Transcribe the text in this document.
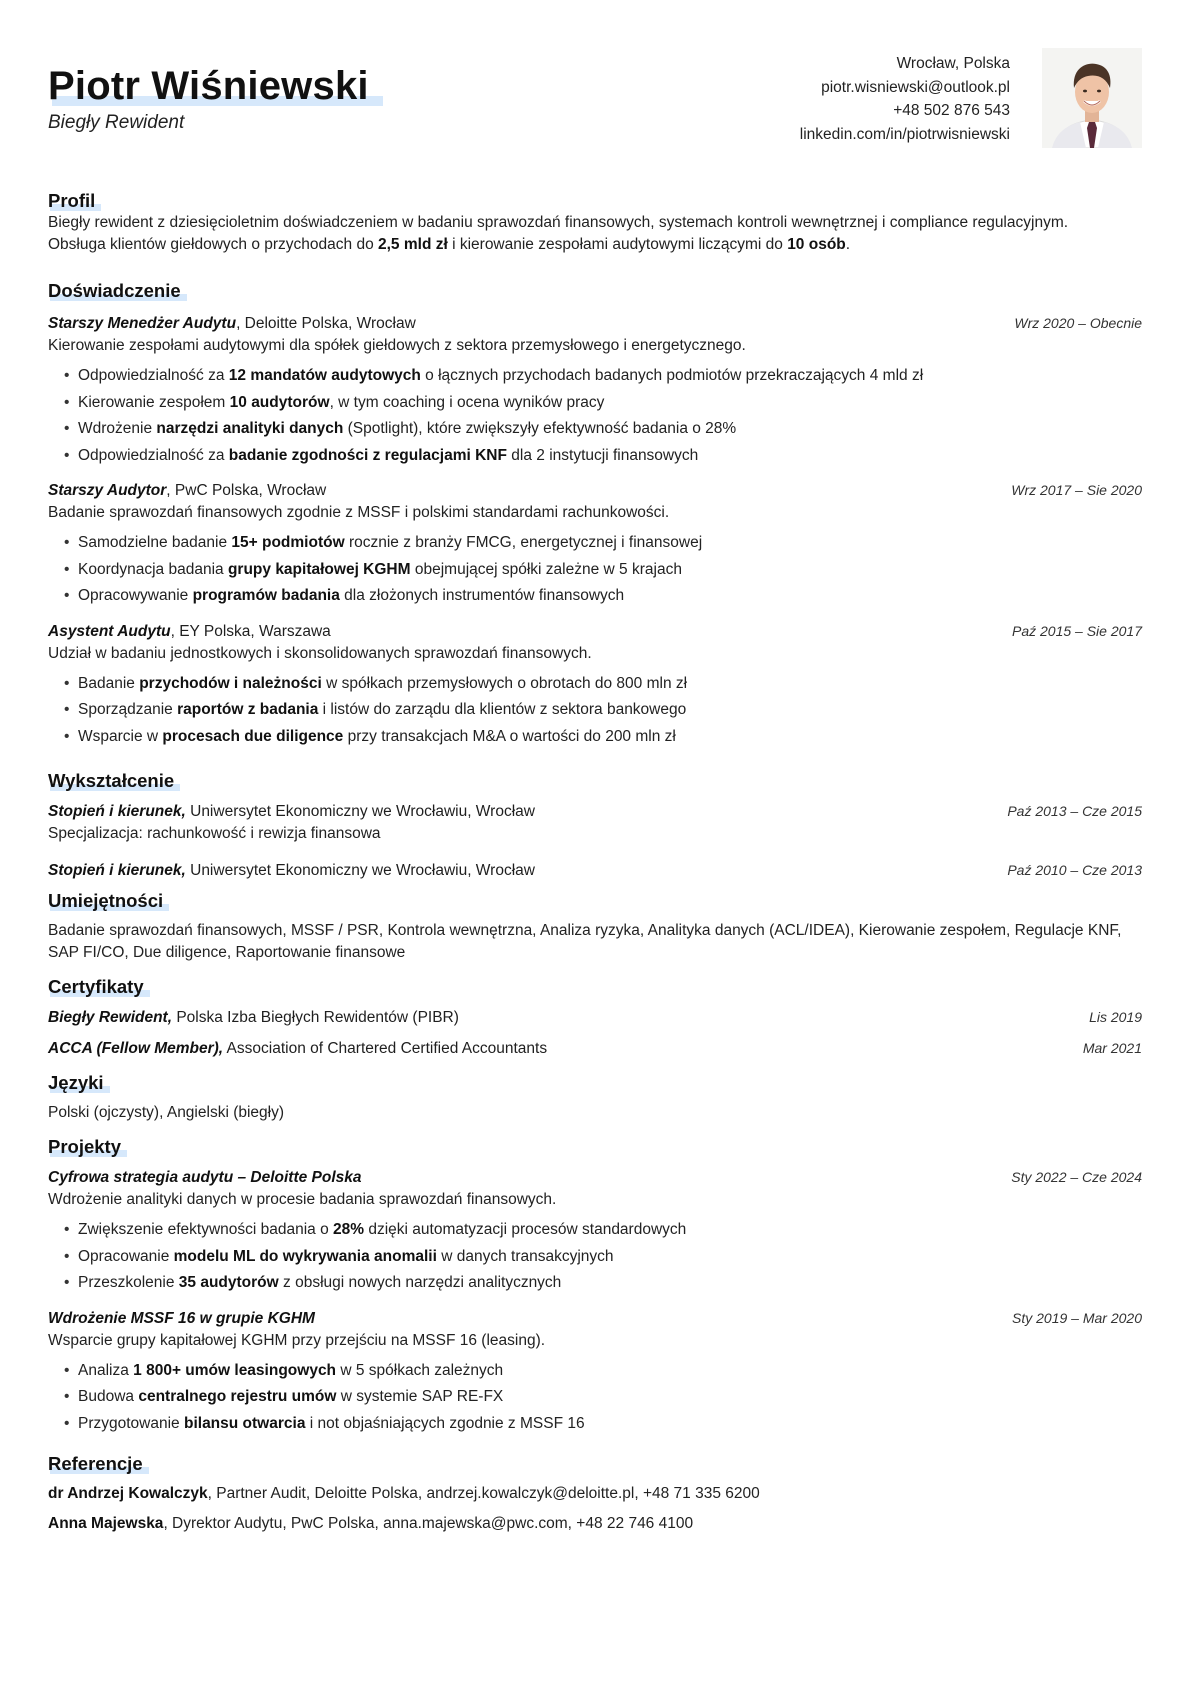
Piotr Wiśniewski
Biegły Rewident
Wrocław, Polska
piotr.wisniewski@outlook.pl
+48 502 876 543
linkedin.com/in/piotrwisniewski
Profil

Biegły rewident z dziesięcioletnim doświadczeniem w badaniu sprawozdań finansowych, systemach kontroli wewnętrznej i compliance regulacyjnym.

Obsługa klientów giełdowych o przychodach do 2,5 mld zł i kierowanie zespołami audytowymi liczącymi do 10 osób.

Doświadczenie
Starszy Menedżer Audytu, Deloitte Polska, Wrocław	Wrz 2020 – Obecnie

Kierowanie zespołami audytowymi dla spółek giełdowych z sektora przemysłowego i energetycznego.

• Odpowiedzialność za 12 mandatów audytowych o łącznych przychodach badanych podmiotów przekraczających 4 mld zł
• Kierowanie zespołem 10 audytorów, w tym coaching i ocena wyników pracy
• Wdrożenie narzędzi analityki danych (Spotlight), które zwiększyły efektywność badania o 28%
• Odpowiedzialność za badanie zgodności z regulacjami KNF dla 2 instytucji finansowych
Starszy Audytor, PwC Polska, Wrocław	Wrz 2017 – Sie 2020

Badanie sprawozdań finansowych zgodnie z MSSF i polskimi standardami rachunkowości.

• Samodzielne badanie 15+ podmiotów rocznie z branży FMCG, energetycznej i finansowej
• Koordynacja badania grupy kapitałowej KGHM obejmującej spółki zależne w 5 krajach
• Opracowywanie programów badania dla złożonych instrumentów finansowych
Asystent Audytu, EY Polska, Warszawa	Paź 2015 – Sie 2017

Udział w badaniu jednostkowych i skonsolidowanych sprawozdań finansowych.

• Badanie przychodów i należności w spółkach przemysłowych o obrotach do 800 mln zł
• Sporządzanie raportów z badania i listów do zarządu dla klientów z sektora bankowego
• Wsparcie w procesach due diligence przy transakcjach M&A o wartości do 200 mln zł
Wykształcenie
Stopień i kierunek, Uniwersytet Ekonomiczny we Wrocławiu, Wrocław	Paź 2013 – Cze 2015

Specjalizacja: rachunkowość i rewizja finansowa

Stopień i kierunek, Uniwersytet Ekonomiczny we Wrocławiu, Wrocław	Paź 2010 – Cze 2013
Umiejętności

Badanie sprawozdań finansowych, MSSF / PSR, Kontrola wewnętrzna, Analiza ryzyka, Analityka danych (ACL/IDEA), Kierowanie zespołem, Regulacje KNF, SAP FI/CO, Due diligence, Raportowanie finansowe

Certyfikaty
Biegły Rewident, Polska Izba Biegłych Rewidentów (PIBR)	Lis 2019
ACCA (Fellow Member), Association of Chartered Certified Accountants	Mar 2021
Języki

Polski (ojczysty), Angielski (biegły)

Projekty
Cyfrowa strategia audytu – Deloitte Polska	Sty 2022 – Cze 2024

Wdrożenie analityki danych w procesie badania sprawozdań finansowych.

• Zwiększenie efektywności badania o 28% dzięki automatyzacji procesów standardowych
• Opracowanie modelu ML do wykrywania anomalii w danych transakcyjnych
• Przeszkolenie 35 audytorów z obsługi nowych narzędzi analitycznych
Wdrożenie MSSF 16 w grupie KGHM	Sty 2019 – Mar 2020

Wsparcie grupy kapitałowej KGHM przy przejściu na MSSF 16 (leasing).

• Analiza 1 800+ umów leasingowych w 5 spółkach zależnych
• Budowa centralnego rejestru umów w systemie SAP RE-FX
• Przygotowanie bilansu otwarcia i not objaśniających zgodnie z MSSF 16
Referencje

dr Andrzej Kowalczyk, Partner Audit, Deloitte Polska, andrzej.kowalczyk@deloitte.pl, +48 71 335 6200

Anna Majewska, Dyrektor Audytu, PwC Polska, anna.majewska@pwc.com, +48 22 746 4100
